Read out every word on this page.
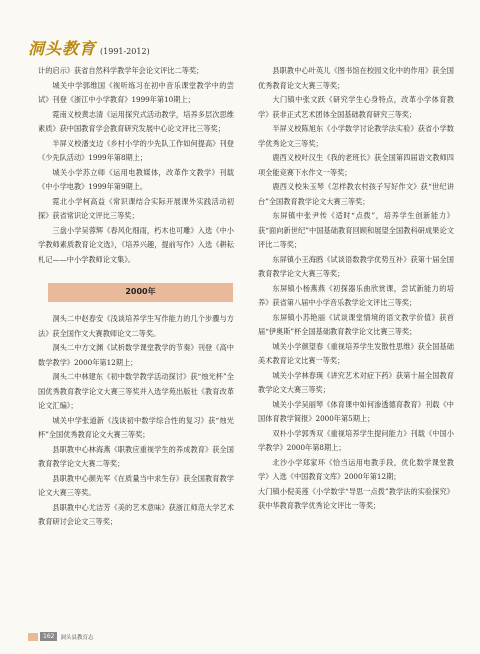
洞头教育 (1991-2012)

计的启示》获省自然科学教学年会论文评比二等奖；

城关中学郭维国《视听练习在初中音乐课堂教学中的尝试》刊登《浙江中小学教育》1999年第10期上；

霓南义校黄志清《运用探究式活动教学，培养多层次思维素质》获中国教育学会教育研究发展中心论文评比三等奖；

半屏义校潘支边《乡村小学的少先队工作如何提高》刊登《少先队活动》1999年第8期上；

城关小学苏立师《运用电教媒体，改革作文教学》刊载《中小学电教》1999年第9期上。

霓北小学柯高益《常识课结合实际开展课外实践活动初探》获省常识论文评比三等奖；

三盘小学吴蓉辉《春风化细雨，朽木也可雕》入选《中小学教师素质教育论文选》，《培养兴趣，提前写作》入选《耕耘札记——中小学教师论文集》。

2000年

洞头二中赵春安《浅谈培养学生写作能力的几个步骤与方法》获全国作文大赛教师论文二等奖。

洞头二中方文渊《试析数学课堂教学的节奏》刊登《高中数学教学》2000年第12期上；

洞头二中林建东《初中数学教学活动探讨》获“烛光杯”全国优秀教育教学论文大赛三等奖并入选学苑出版社《教育改革论文汇编》；

城关中学张道新《浅谈初中数学综合性的复习》获“烛光杯”全国优秀教育论文大赛三等奖；

县职教中心林海燕《职教应重视学生的养成教育》获全国教育教学论文大赛二等奖；

县职教中心颜先军《在质量当中求生存》获全国教育教学论文大赛三等奖。

县职教中心尤洁芳《美的艺术意味》获浙江师范大学艺术教育研讨会论文三等奖；

县职教中心叶英儿《图书馆在校园文化中的作用》获全国优秀教育论文大赛三等奖；

大门镇中张文跃《研究学生心身特点，改革小学体育教学》获非正式艺术团体全国基础教育研究三等奖；

半屏义校陈旭东《小学数学讨论教学法实验》获省小学数学优秀论文三等奖；

鹿西义校叶汉生《我的老班长》获全国第四届语文教师四项全能竞赛下水作文一等奖；

鹿西义校朱玉琴《怎样教农村孩子写好作文》获“世纪讲台”全国教育教学论文大赛三等奖；

东屏镇中张尹传《适时“点拨”，培养学生创新能力》获“面向新世纪”中国基础教育回顾和展望全国教科研成果论文评比二等奖；

东屏镇小王海鸥《试谈语数教学优势互补》获第十届全国教育教学论文大赛三等奖；

东屏镇小杨燕燕《初探器乐曲欣赏课，尝试新能力的培养》获省第八届中小学音乐教学论文评比三等奖；

东屏镇小苏艳丽《试谈课堂情境的语文教学价值》获首届“伊奥斯”杯全国基础教育教学论文比赛三等奖；

城关小学颜望春《重视培养学生发散性思维》获全国基础美术教育论文比赛一等奖；

城关小学林春瑛《讲究艺术对症下药》获第十届全国教育教学论文大赛三等奖；

城关小学吴丽琴《体育课中如何渗透德育教育》刊载《中国体育教学简报》2000年第5期上；

双朴小学郭秀双《重视培养学生提问能力》刊载《中国小学教学》2000年第8期上；

北沙小学郑家环《恰当运用电教手段，优化数学课堂教学》入选《中国教育文库》2000年第12期；

大门镇小倪美莲《小学数学“导思一点拨”教学法的实验探究》获中华教育教学优秀论文评比一等奖；

162	洞头县教育志
